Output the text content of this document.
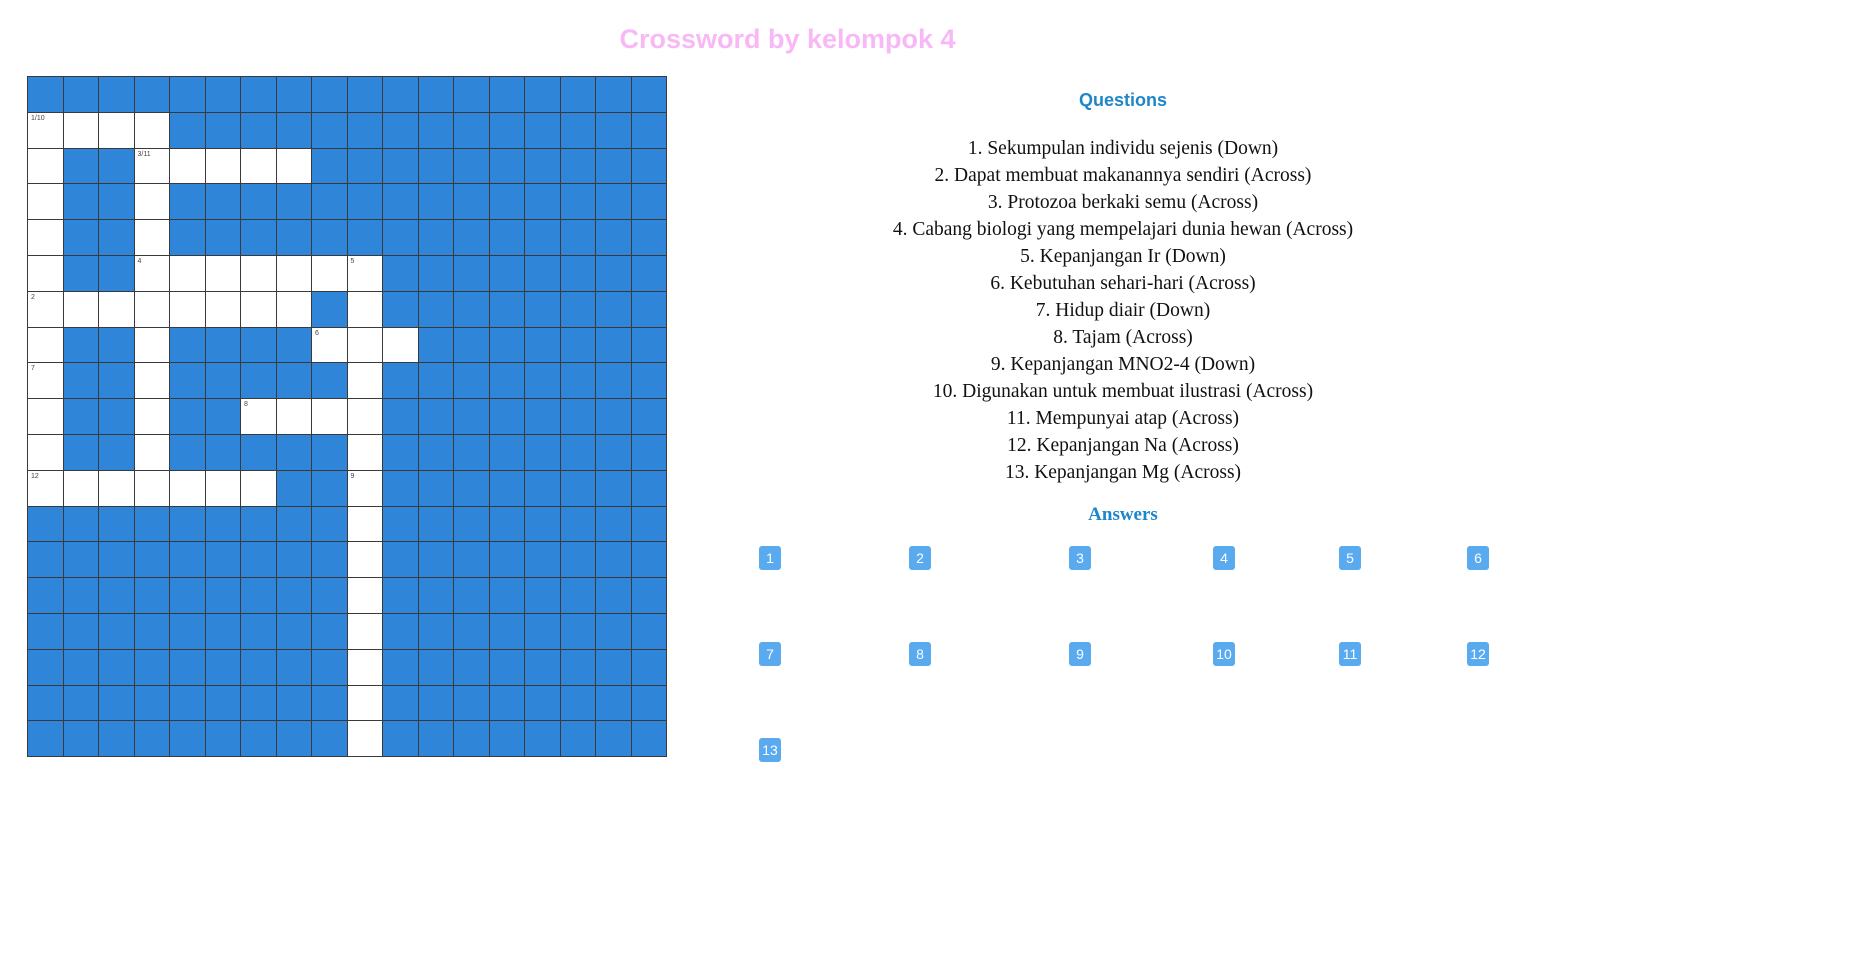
Crossword by kelompok 4
1/10
3/11
4	5
2
6
7
8
12	9
Questions
1. Sekumpulan individu sejenis (Down)
2. Dapat membuat makanannya sendiri (Across)
3. Protozoa berkaki semu (Across)
4. Cabang biologi yang mempelajari dunia hewan (Across)
5. Kepanjangan Ir (Down)
6. Kebutuhan sehari-hari (Across)
7. Hidup diair (Down)
8. Tajam (Across)
9. Kepanjangan MNO2-4 (Down)
10. Digunakan untuk membuat ilustrasi (Across)
11. Mempunyai atap (Across)
12. Kepanjangan Na (Across)
13. Kepanjangan Mg (Across)
Answers
1	2	3	4	5	6
7	8	9	10	11	12
13
